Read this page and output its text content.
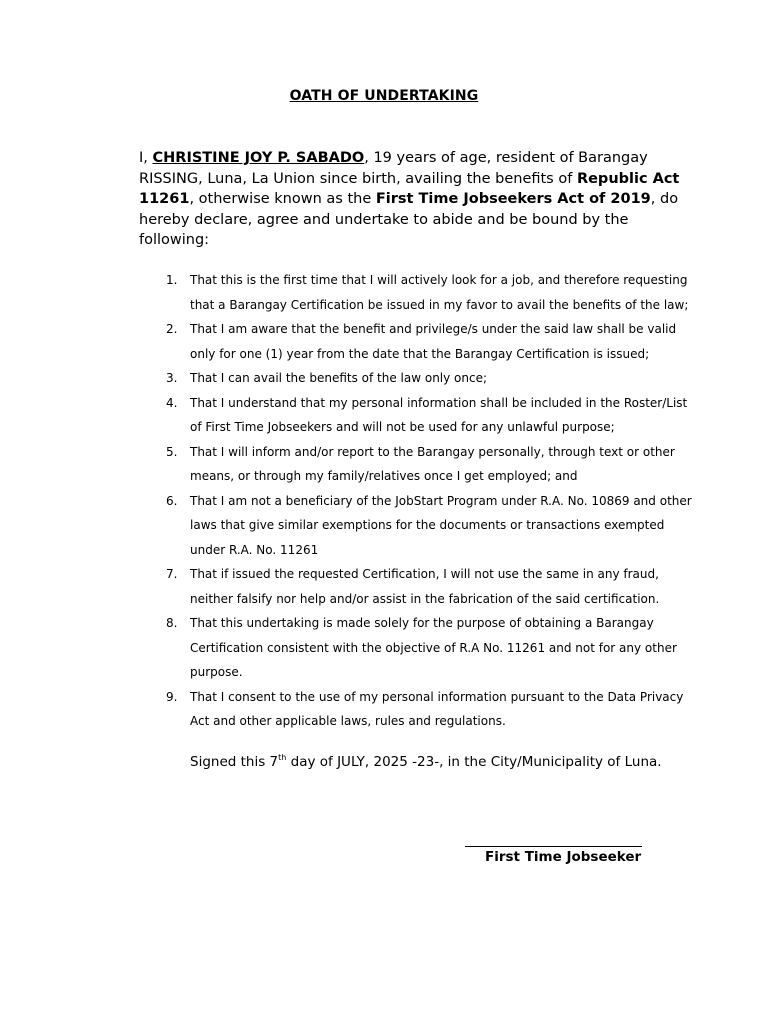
OATH OF UNDERTAKING
I, CHRISTINE JOY P. SABADO, 19 years of age, resident of Barangay RISSING, Luna, La Union since birth, availing the benefits of Republic Act 11261, otherwise known as the First Time Jobseekers Act of 2019, do hereby declare, agree and undertake to abide and be bound by the following:
1. That this is the first time that I will actively look for a job, and therefore requesting that a Barangay Certification be issued in my favor to avail the benefits of the law;
2. That I am aware that the benefit and privilege/s under the said law shall be valid only for one (1) year from the date that the Barangay Certification is issued;
3. That I can avail the benefits of the law only once;
4. That I understand that my personal information shall be included in the Roster/List of First Time Jobseekers and will not be used for any unlawful purpose;
5. That I will inform and/or report to the Barangay personally, through text or other means, or through my family/relatives once I get employed; and
6. That I am not a beneficiary of the JobStart Program under R.A. No. 10869 and other laws that give similar exemptions for the documents or transactions exempted under R.A. No. 11261
7. That if issued the requested Certification, I will not use the same in any fraud, neither falsify nor help and/or assist in the fabrication of the said certification.
8. That this undertaking is made solely for the purpose of obtaining a Barangay Certification consistent with the objective of R.A No. 11261 and not for any other purpose.
9. That I consent to the use of my personal information pursuant to the Data Privacy Act and other applicable laws, rules and regulations.
Signed this 7th day of JULY, 2025 -23-, in the City/Municipality of Luna.
First Time Jobseeker
